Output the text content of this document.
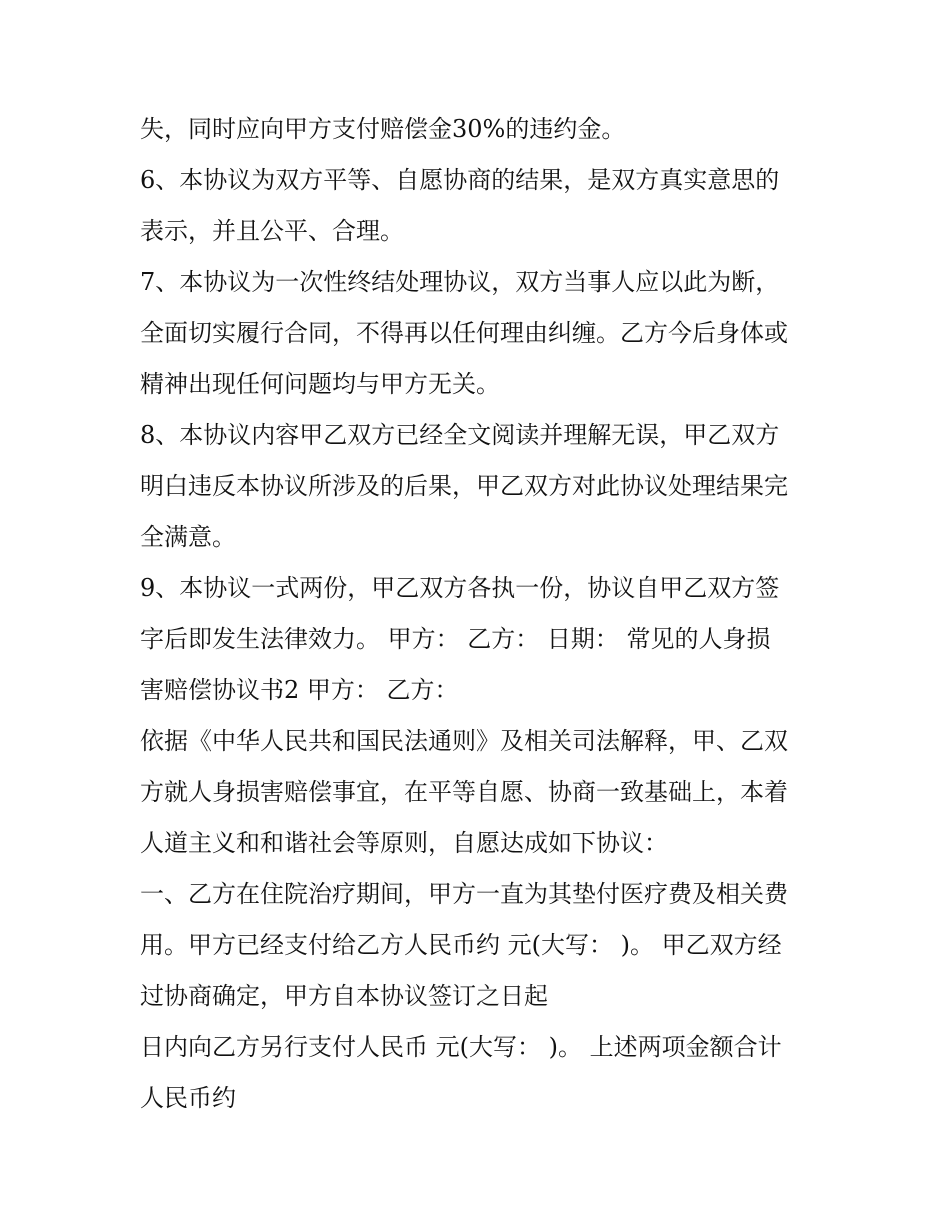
失，同时应向甲方支付赔偿金30%的违约金。
6、本协议为双方平等、自愿协商的结果，是双方真实意思的
表示，并且公平、合理。
7、本协议为一次性终结处理协议，双方当事人应以此为断，
全面切实履行合同，不得再以任何理由纠缠。乙方今后身体或
精神出现任何问题均与甲方无关。
8、本协议内容甲乙双方已经全文阅读并理解无误，甲乙双方
明白违反本协议所涉及的后果，甲乙双方对此协议处理结果完
全满意。
9、本协议一式两份，甲乙双方各执一份，协议自甲乙双方签
字后即发生法律效力。 甲方： 乙方： 日期： 常见的人身损
害赔偿协议书2 甲方： 乙方：
依据《中华人民共和国民法通则》及相关司法解释，甲、乙双
方就人身损害赔偿事宜，在平等自愿、协商一致基础上，本着
人道主义和和谐社会等原则，自愿达成如下协议：
一、乙方在住院治疗期间，甲方一直为其垫付医疗费及相关费
用。甲方已经支付给乙方人民币约 元(大写： )。 甲乙双方经
过协商确定，甲方自本协议签订之日起
日内向乙方另行支付人民币 元(大写： )。 上述两项金额合计
人民币约
